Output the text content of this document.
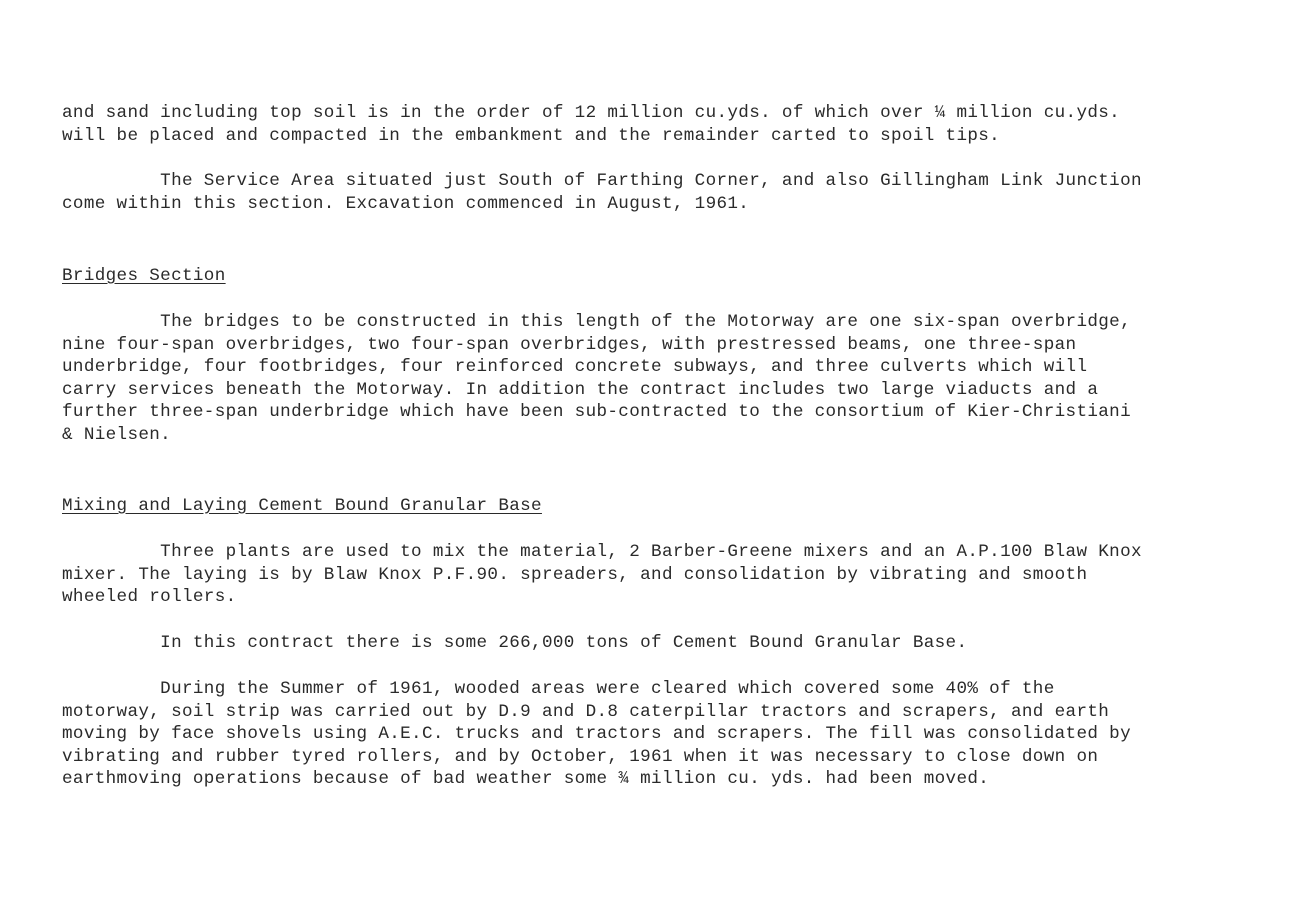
and sand including top soil is in the order of 12 million cu.yds. of which over ¼ million cu.yds.
will be placed and compacted in the embankment and the remainder carted to spoil tips.
The Service Area situated just South of Farthing Corner, and also Gillingham Link Junction
come within this section. Excavation commenced in August, 1961.
Bridges Section
The bridges to be constructed in this length of the Motorway are one six-span overbridge,
nine four-span overbridges, two four-span overbridges, with prestressed beams, one three-span
underbridge, four footbridges, four reinforced concrete subways, and three culverts which will
carry services beneath the Motorway. In addition the contract includes two large viaducts and a
further three-span underbridge which have been sub-contracted to the consortium of Kier-Christiani
& Nielsen.
Mixing and Laying Cement Bound Granular Base
Three plants are used to mix the material, 2 Barber-Greene mixers and an A.P.100 Blaw Knox
mixer. The laying is by Blaw Knox P.F.90. spreaders, and consolidation by vibrating and smooth
wheeled rollers.
In this contract there is some 266,000 tons of Cement Bound Granular Base.
During the Summer of 1961, wooded areas were cleared which covered some 40% of the
motorway, soil strip was carried out by D.9 and D.8 caterpillar tractors and scrapers, and earth
moving by face shovels using A.E.C. trucks and tractors and scrapers. The fill was consolidated by
vibrating and rubber tyred rollers, and by October, 1961 when it was necessary to close down on
earthmoving operations because of bad weather some ¾ million cu. yds. had been moved.
